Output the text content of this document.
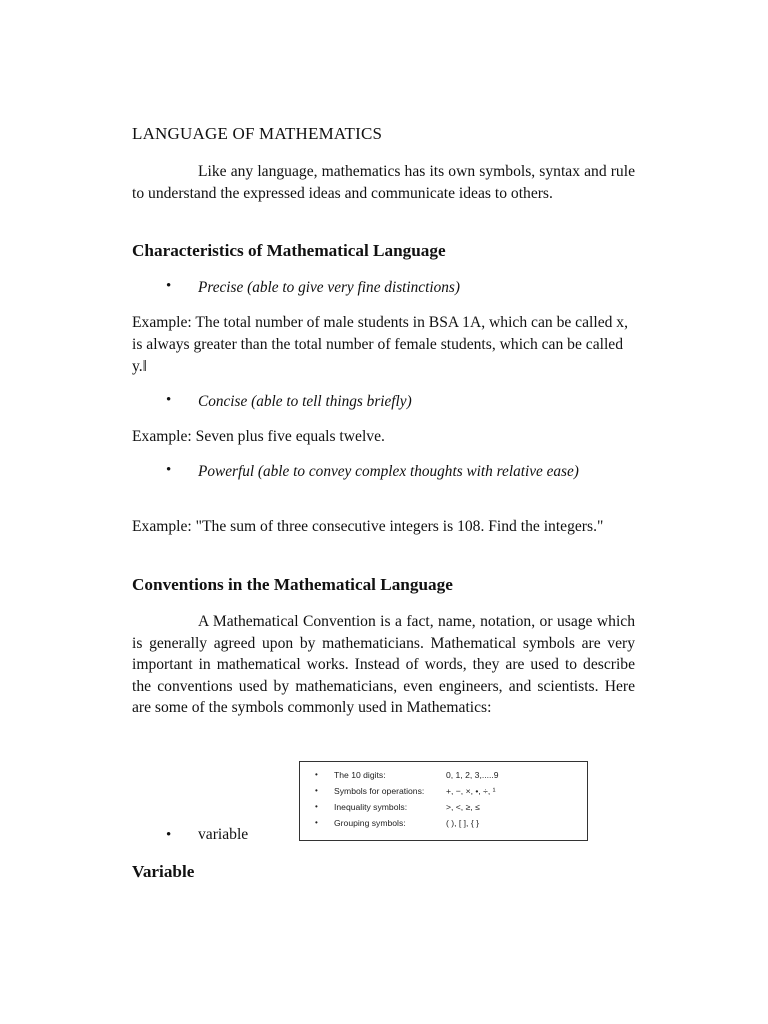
LANGUAGE OF MATHEMATICS

Like any language, mathematics has its own symbols, syntax and rule to understand the expressed ideas and communicate ideas to others.

Characteristics of Mathematical Language
• Precise (able to give very fine distinctions)

Example: The total number of male students in BSA 1A, which can be called x, is always greater than the total number of female students, which can be called y.‖

• Concise (able to tell things briefly)

Example: Seven plus five equals twelve.

• Powerful (able to convey complex thoughts with relative ease)

Example: "The sum of three consecutive integers is 108. Find the integers."

Conventions in the Mathematical Language

A Mathematical Convention is a fact, name, notation, or usage which is generally agreed upon by mathematicians. Mathematical symbols are very important in mathematical works. Instead of words, they are used to describe the conventions used by mathematicians, even engineers, and scientists. Here are some of the symbols commonly used in Mathematics:

• The 10 digits:	0, 1, 2, 3,.....9
• Symbols for operations:	+, −, ×, •, ÷, ¹
• Inequality symbols:	>, <, ≥, ≤
• Grouping symbols:	( ), [ ], { }
• variable
Variable
